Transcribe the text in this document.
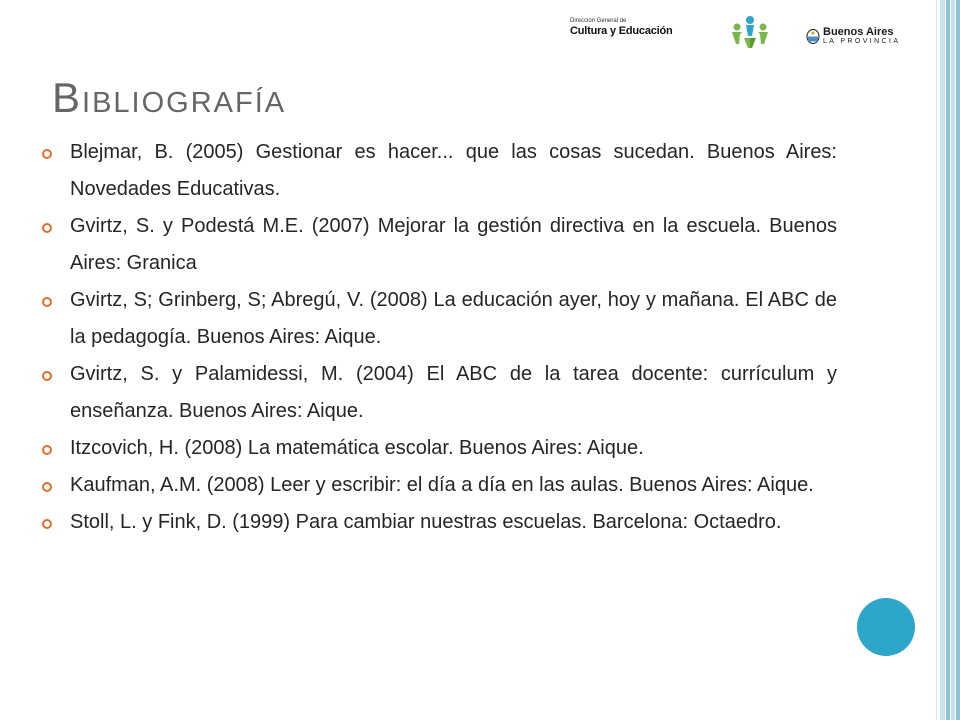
Dirección General de
Cultura y Educación	Buenos Aires
LA PROVINCIA
Bibliografía
Blejmar, B. (2005) Gestionar es hacer... que las cosas sucedan. Buenos Aires: Novedades Educativas.
Gvirtz, S. y Podestá M.E. (2007) Mejorar la gestión directiva en la escuela. Buenos Aires: Granica
Gvirtz, S; Grinberg, S; Abregú, V. (2008) La educación ayer, hoy y mañana. El ABC de la pedagogía. Buenos Aires: Aique.
Gvirtz, S. y Palamidessi, M. (2004) El ABC de la tarea docente: currículum y enseñanza. Buenos Aires: Aique.
Itzcovich, H. (2008) La matemática escolar. Buenos Aires: Aique.
Kaufman, A.M. (2008) Leer y escribir: el día a día en las aulas. Buenos Aires: Aique.
Stoll, L. y Fink, D. (1999) Para cambiar nuestras escuelas. Barcelona: Octaedro.
